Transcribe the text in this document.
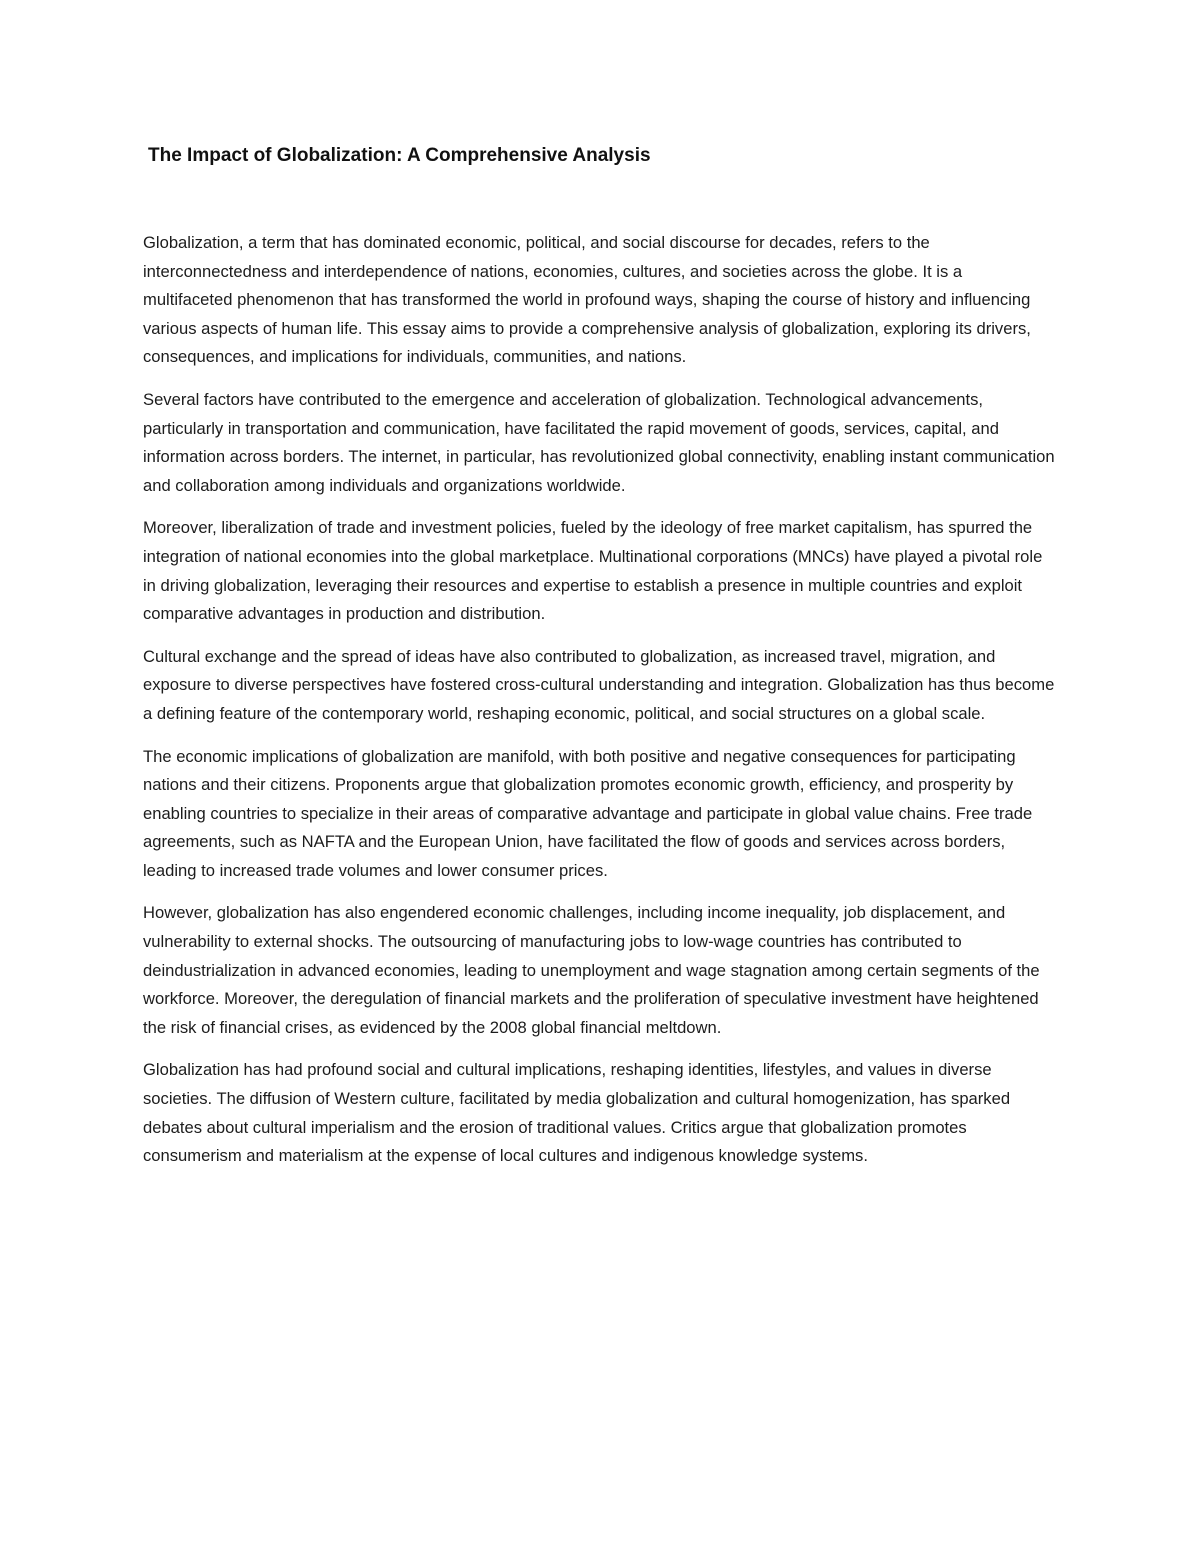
The Impact of Globalization: A Comprehensive Analysis

Globalization, a term that has dominated economic, political, and social discourse for decades, refers to the interconnectedness and interdependence of nations, economies, cultures, and societies across the globe. It is a multifaceted phenomenon that has transformed the world in profound ways, shaping the course of history and influencing various aspects of human life. This essay aims to provide a comprehensive analysis of globalization, exploring its drivers, consequences, and implications for individuals, communities, and nations.

Several factors have contributed to the emergence and acceleration of globalization. Technological advancements, particularly in transportation and communication, have facilitated the rapid movement of goods, services, capital, and information across borders. The internet, in particular, has revolutionized global connectivity, enabling instant communication and collaboration among individuals and organizations worldwide.

Moreover, liberalization of trade and investment policies, fueled by the ideology of free market capitalism, has spurred the integration of national economies into the global marketplace. Multinational corporations (MNCs) have played a pivotal role in driving globalization, leveraging their resources and expertise to establish a presence in multiple countries and exploit comparative advantages in production and distribution.

Cultural exchange and the spread of ideas have also contributed to globalization, as increased travel, migration, and exposure to diverse perspectives have fostered cross-cultural understanding and integration. Globalization has thus become a defining feature of the contemporary world, reshaping economic, political, and social structures on a global scale.

The economic implications of globalization are manifold, with both positive and negative consequences for participating nations and their citizens. Proponents argue that globalization promotes economic growth, efficiency, and prosperity by enabling countries to specialize in their areas of comparative advantage and participate in global value chains. Free trade agreements, such as NAFTA and the European Union, have facilitated the flow of goods and services across borders, leading to increased trade volumes and lower consumer prices.

However, globalization has also engendered economic challenges, including income inequality, job displacement, and vulnerability to external shocks. The outsourcing of manufacturing jobs to low-wage countries has contributed to deindustrialization in advanced economies, leading to unemployment and wage stagnation among certain segments of the workforce. Moreover, the deregulation of financial markets and the proliferation of speculative investment have heightened the risk of financial crises, as evidenced by the 2008 global financial meltdown.

Globalization has had profound social and cultural implications, reshaping identities, lifestyles, and values in diverse societies. The diffusion of Western culture, facilitated by media globalization and cultural homogenization, has sparked debates about cultural imperialism and the erosion of traditional values. Critics argue that globalization promotes consumerism and materialism at the expense of local cultures and indigenous knowledge systems.
